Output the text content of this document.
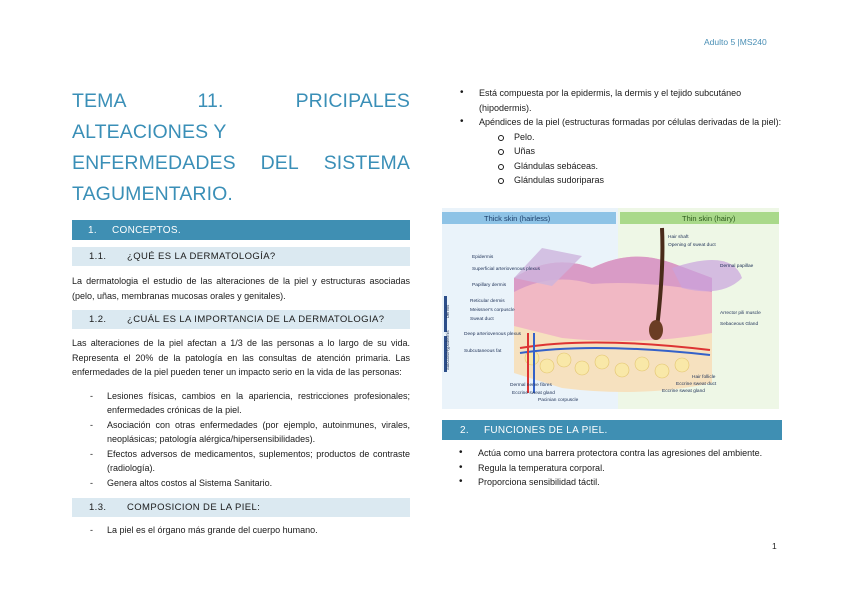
Adulto 5 |MS240
TEMA 11. PRICIPALES ALTEACIONES Y
ENFERMEDADES DEL SISTEMA
TAGUMENTARIO.
1.	CONCEPTOS.
1.1.	¿QUÉ ES LA DERMATOLOGÍA?

La dermatologia el estudio de las alteraciones de la piel y estructuras asociadas (pelo, uñas, membranas mucosas orales y genitales).

1.2.	¿CUÁL ES LA IMPORTANCIA DE LA DERMATOLOGIA?

Las alteraciones de la piel afectan a 1/3 de las personas a lo largo de su vida. Representa el 20% de la patología en las consultas de atención primaria. Las enfermedades de la piel pueden tener un impacto serio en la vida de las personas:

- Lesiones físicas, cambios en la apariencia, restricciones profesionales; enfermedades crónicas de la piel.
- Asociación con otras enfermedades (por ejemplo, autoinmunes, virales, neoplásicas; patología alérgica/hipersensibilidades).
- Efectos adversos de medicamentos, suplementos; productos de contraste (radiología).
- Genera altos costos al Sistema Sanitario.
1.3.	COMPOSICION DE LA PIEL:
- La piel es el órgano más grande del cuerpo humano.
• Está compuesta por la epidermis, la dermis y el tejido subcutáneo (hipodermis).
• Apéndices de la piel (estructuras formadas por células derivadas de la piel):
Pelo.
Uñas
Glándulas sebáceas.
Glándulas sudoriparas
Thick skin (hairless)	Thin skin (hairy)
Epidermis
Superficial arteriovenous plexus
Papillary dermis
Reticular dermis
Meissner's corpuscle
Sweat duct
Deep arteriovenous plexus
Subcutaneous fat
Dermis
Subcutis/Hypodermis
Dermal nerve fibres
Eccrine sweat gland
Pacinian corpuscle
Hair shaft
Opening of sweat duct
Dermal papillae
Arrector pili muscle
Sebaceous Gland
Hair follicle
Eccrine sweat duct
Eccrine sweat gland
2.	FUNCIONES DE LA PIEL.
• Actúa como una barrera protectora contra las agresiones del ambiente.
• Regula la temperatura corporal.
• Proporciona sensibilidad táctil.
1
